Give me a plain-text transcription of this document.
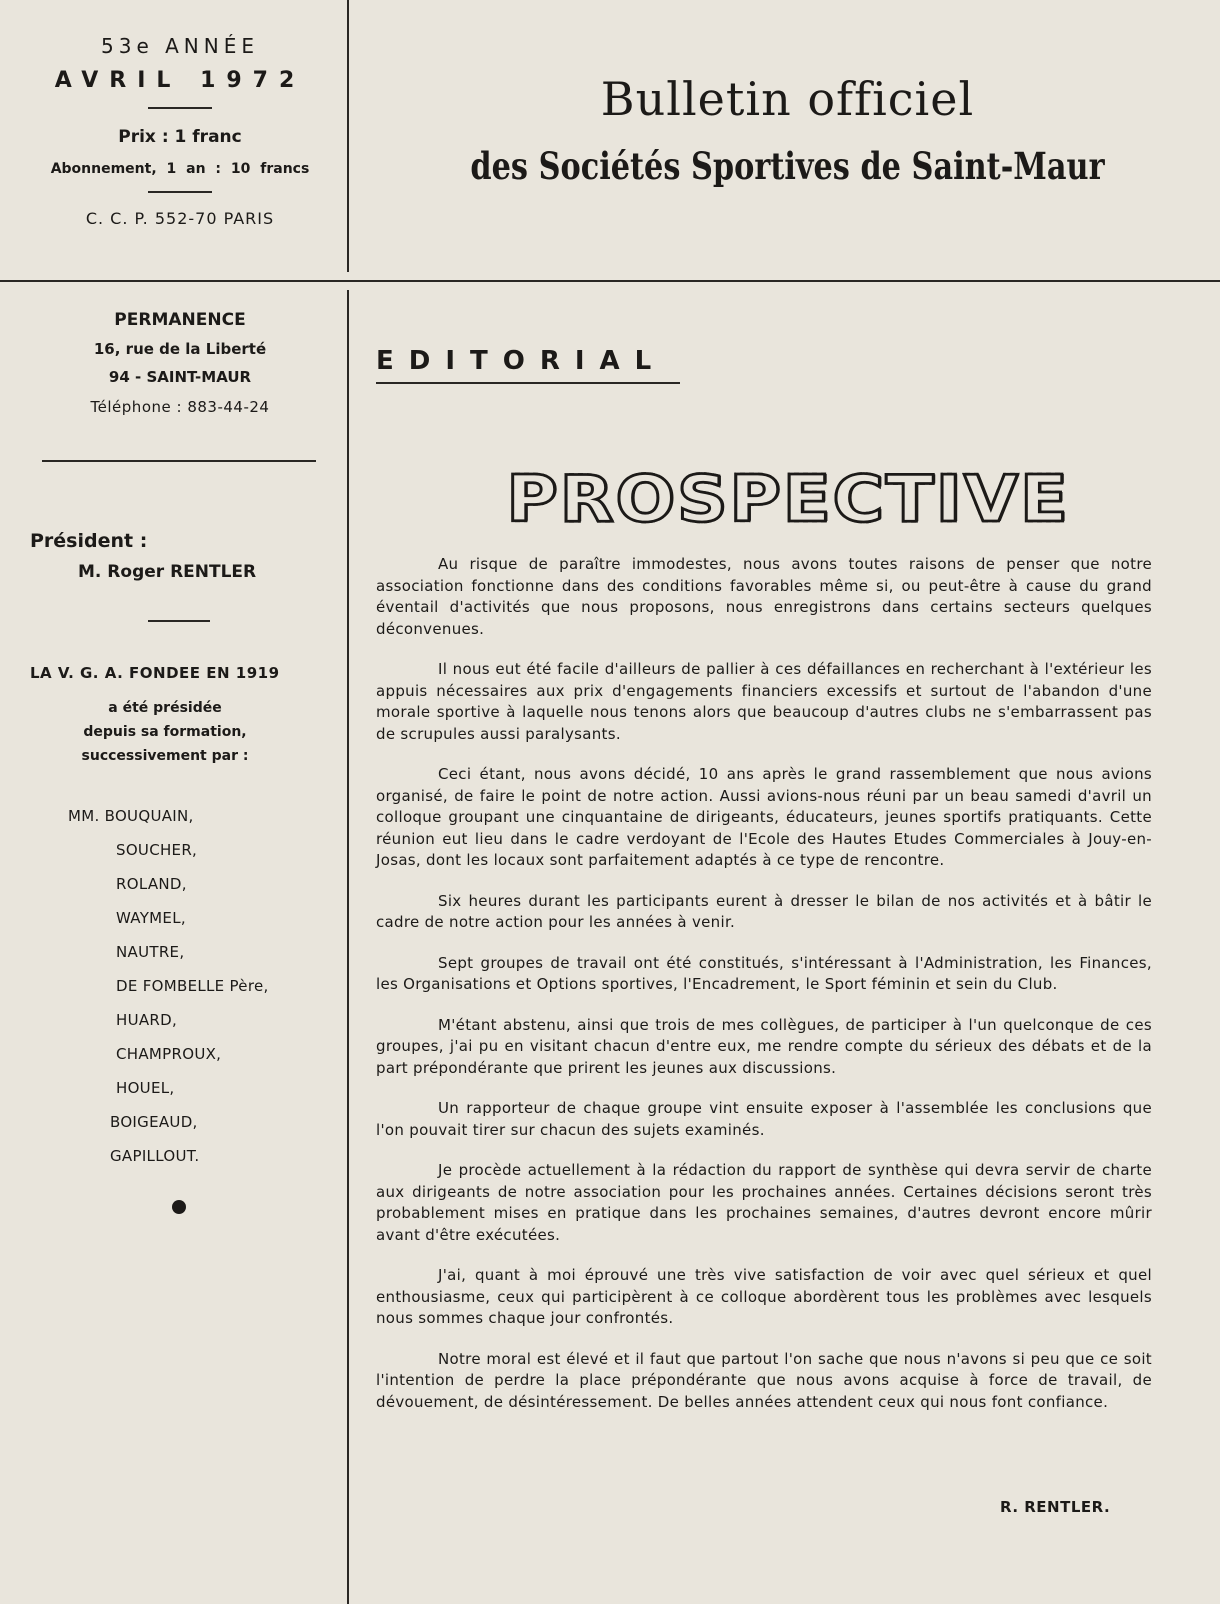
53e ANNÉE
AVRIL 1972
Prix : 1 franc
Abonnement, 1 an : 10 francs
C. C. P. 552-70 PARIS
Bulletin officiel
des Sociétés Sportives de Saint-Maur
PERMANENCE
16, rue de la Liberté
94 - SAINT-MAUR
Téléphone : 883-44-24
Président :
M. Roger RENTLER
LA V. G. A. FONDEE EN 1919
a été présidée
depuis sa formation,
successivement par :
MM. BOUQUAIN,
SOUCHER,
ROLAND,
WAYMEL,
NAUTRE,
DE FOMBELLE Père,
HUARD,
CHAMPROUX,
HOUEL,
BOIGEAUD,
GAPILLOUT.
EDITORIAL
PROSPECTIVE

Au risque de paraître immodestes, nous avons toutes raisons de penser que notre association fonctionne dans des conditions favorables même si, ou peut-être à cause du grand éventail d'activités que nous proposons, nous enregistrons dans certains secteurs quelques déconvenues.

Il nous eut été facile d'ailleurs de pallier à ces défaillances en recherchant à l'extérieur les appuis nécessaires aux prix d'engagements financiers excessifs et surtout de l'abandon d'une morale sportive à laquelle nous tenons alors que beaucoup d'autres clubs ne s'embarrassent pas de scrupules aussi paralysants.

Ceci étant, nous avons décidé, 10 ans après le grand rassemblement que nous avions organisé, de faire le point de notre action. Aussi avions-nous réuni par un beau samedi d'avril un colloque groupant une cinquantaine de dirigeants, éducateurs, jeunes sportifs pratiquants. Cette réunion eut lieu dans le cadre verdoyant de l'Ecole des Hautes Etudes Commerciales à Jouy-en-Josas, dont les locaux sont parfaitement adaptés à ce type de rencontre.

Six heures durant les participants eurent à dresser le bilan de nos activités et à bâtir le cadre de notre action pour les années à venir.

Sept groupes de travail ont été constitués, s'intéressant à l'Administration, les Finances, les Organisations et Options sportives, l'Encadrement, le Sport féminin et sein du Club.

M'étant abstenu, ainsi que trois de mes collègues, de participer à l'un quelconque de ces groupes, j'ai pu en visitant chacun d'entre eux, me rendre compte du sérieux des débats et de la part prépondérante que prirent les jeunes aux discussions.

Un rapporteur de chaque groupe vint ensuite exposer à l'assemblée les conclusions que l'on pouvait tirer sur chacun des sujets examinés.

Je procède actuellement à la rédaction du rapport de synthèse qui devra servir de charte aux dirigeants de notre association pour les prochaines années. Certaines décisions seront très probablement mises en pratique dans les prochaines semaines, d'autres devront encore mûrir avant d'être exécutées.

J'ai, quant à moi éprouvé une très vive satisfaction de voir avec quel sérieux et quel enthousiasme, ceux qui participèrent à ce colloque abordèrent tous les problèmes avec lesquels nous sommes chaque jour confrontés.

Notre moral est élevé et il faut que partout l'on sache que nous n'avons si peu que ce soit l'intention de perdre la place prépondérante que nous avons acquise à force de travail, de dévouement, de désintéressement. De belles années attendent ceux qui nous font confiance.

R. RENTLER.
